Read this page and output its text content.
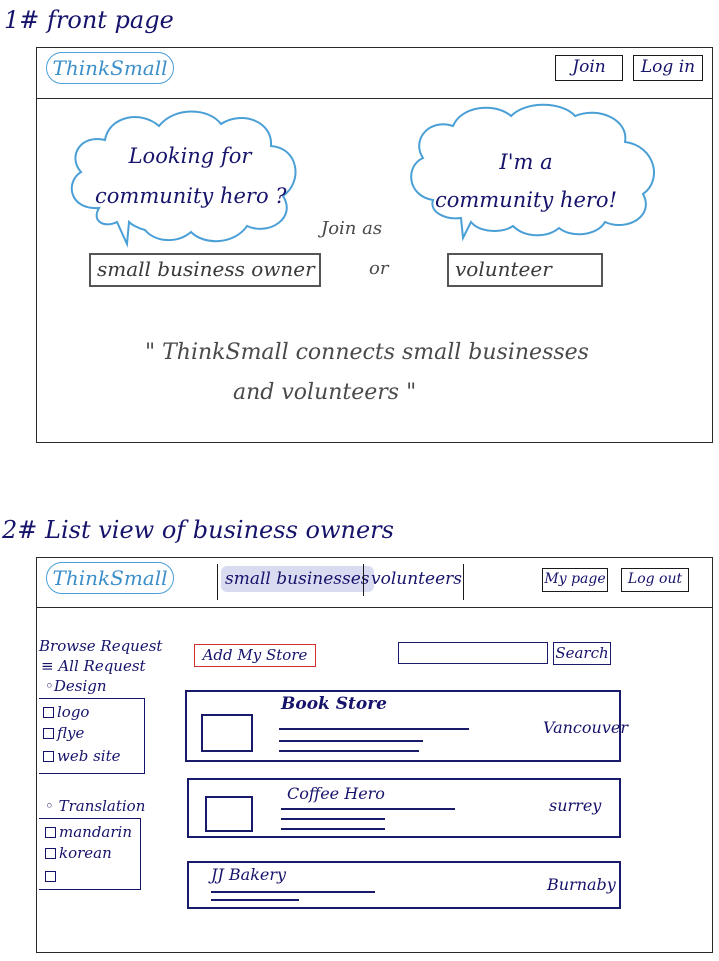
1# front page
ThinkSmall	Join	Log in
Looking for
community hero ?
I'm a
community hero!
Join as
small business owner	or	volunteer
" ThinkSmall connects small businesses
and volunteers "
2# List view of business owners
ThinkSmall	small businesses volunteers	My page	Log out
Browse Request
≡ All Request
◦Design
logo
flye
web site
◦ Translation
mandarin
korean
Add My Store	Search
Book Store
Vancouver
Coffee Hero
surrey
JJ Bakery
Burnaby
